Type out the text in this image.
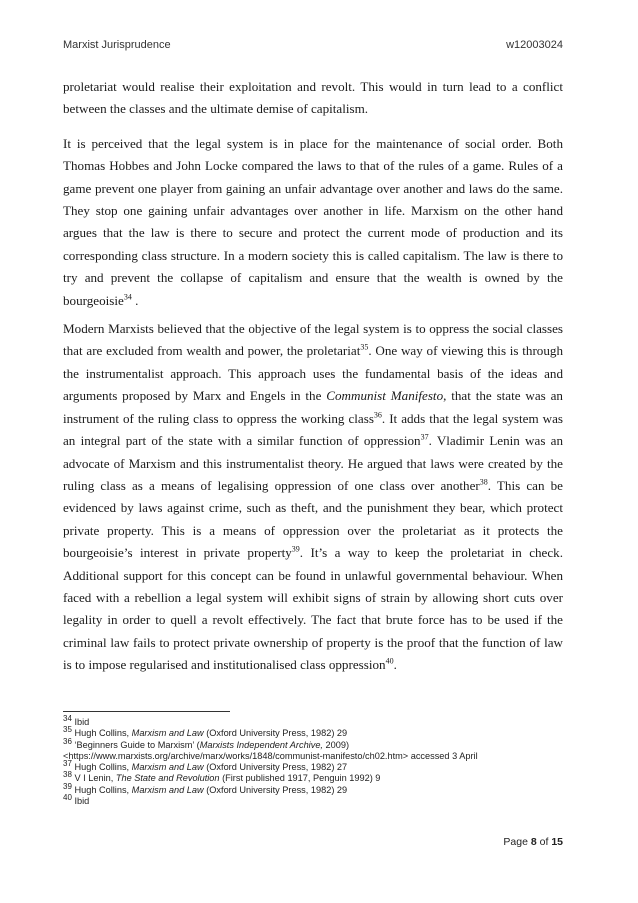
Marxist Jurisprudence	w12003024

proletariat would realise their exploitation and revolt. This would in turn lead to a conflict between the classes and the ultimate demise of capitalism.

It is perceived that the legal system is in place for the maintenance of social order. Both Thomas Hobbes and John Locke compared the laws to that of the rules of a game. Rules of a game prevent one player from gaining an unfair advantage over another and laws do the same. They stop one gaining unfair advantages over another in life. Marxism on the other hand argues that the law is there to secure and protect the current mode of production and its corresponding class structure. In a modern society this is called capitalism. The law is there to try and prevent the collapse of capitalism and ensure that the wealth is owned by the bourgeoisie$^{34}$ .

Modern Marxists believed that the objective of the legal system is to oppress the social classes that are excluded from wealth and power, the proletariat$^{35}$. One way of viewing this is through the instrumentalist approach. This approach uses the fundamental basis of the ideas and arguments proposed by Marx and Engels in the Communist Manifesto, that the state was an instrument of the ruling class to oppress the working class$^{36}$. It adds that the legal system was an integral part of the state with a similar function of oppression$^{37}$. Vladimir Lenin was an advocate of Marxism and this instrumentalist theory. He argued that laws were created by the ruling class as a means of legalising oppression of one class over another$^{38}$. This can be evidenced by laws against crime, such as theft, and the punishment they bear, which protect private property. This is a means of oppression over the proletariat as it protects the bourgeoisie’s interest in private property$^{39}$. It’s a way to keep the proletariat in check. Additional support for this concept can be found in unlawful governmental behaviour. When faced with a rebellion a legal system will exhibit signs of strain by allowing short cuts over legality in order to quell a revolt effectively. The fact that brute force has to be used if the criminal law fails to protect private ownership of property is the proof that the function of law is to impose regularised and institutionalised class oppression$^{40}$.

$^{34}$ Ibid
$^{35}$ Hugh Collins, Marxism and Law (Oxford University Press, 1982) 29
$^{36}$ ‘Beginners Guide to Marxism’ (Marxists Independent Archive, 2009)
<https://www.marxists.org/archive/marx/works/1848/communist-manifesto/ch02.htm> accessed 3 April
$^{37}$ Hugh Collins, Marxism and Law (Oxford University Press, 1982) 27
$^{38}$ V I Lenin, The State and Revolution (First published 1917, Penguin 1992) 9
$^{39}$ Hugh Collins, Marxism and Law (Oxford University Press, 1982) 29
$^{40}$ Ibid
Page 8 of 15
